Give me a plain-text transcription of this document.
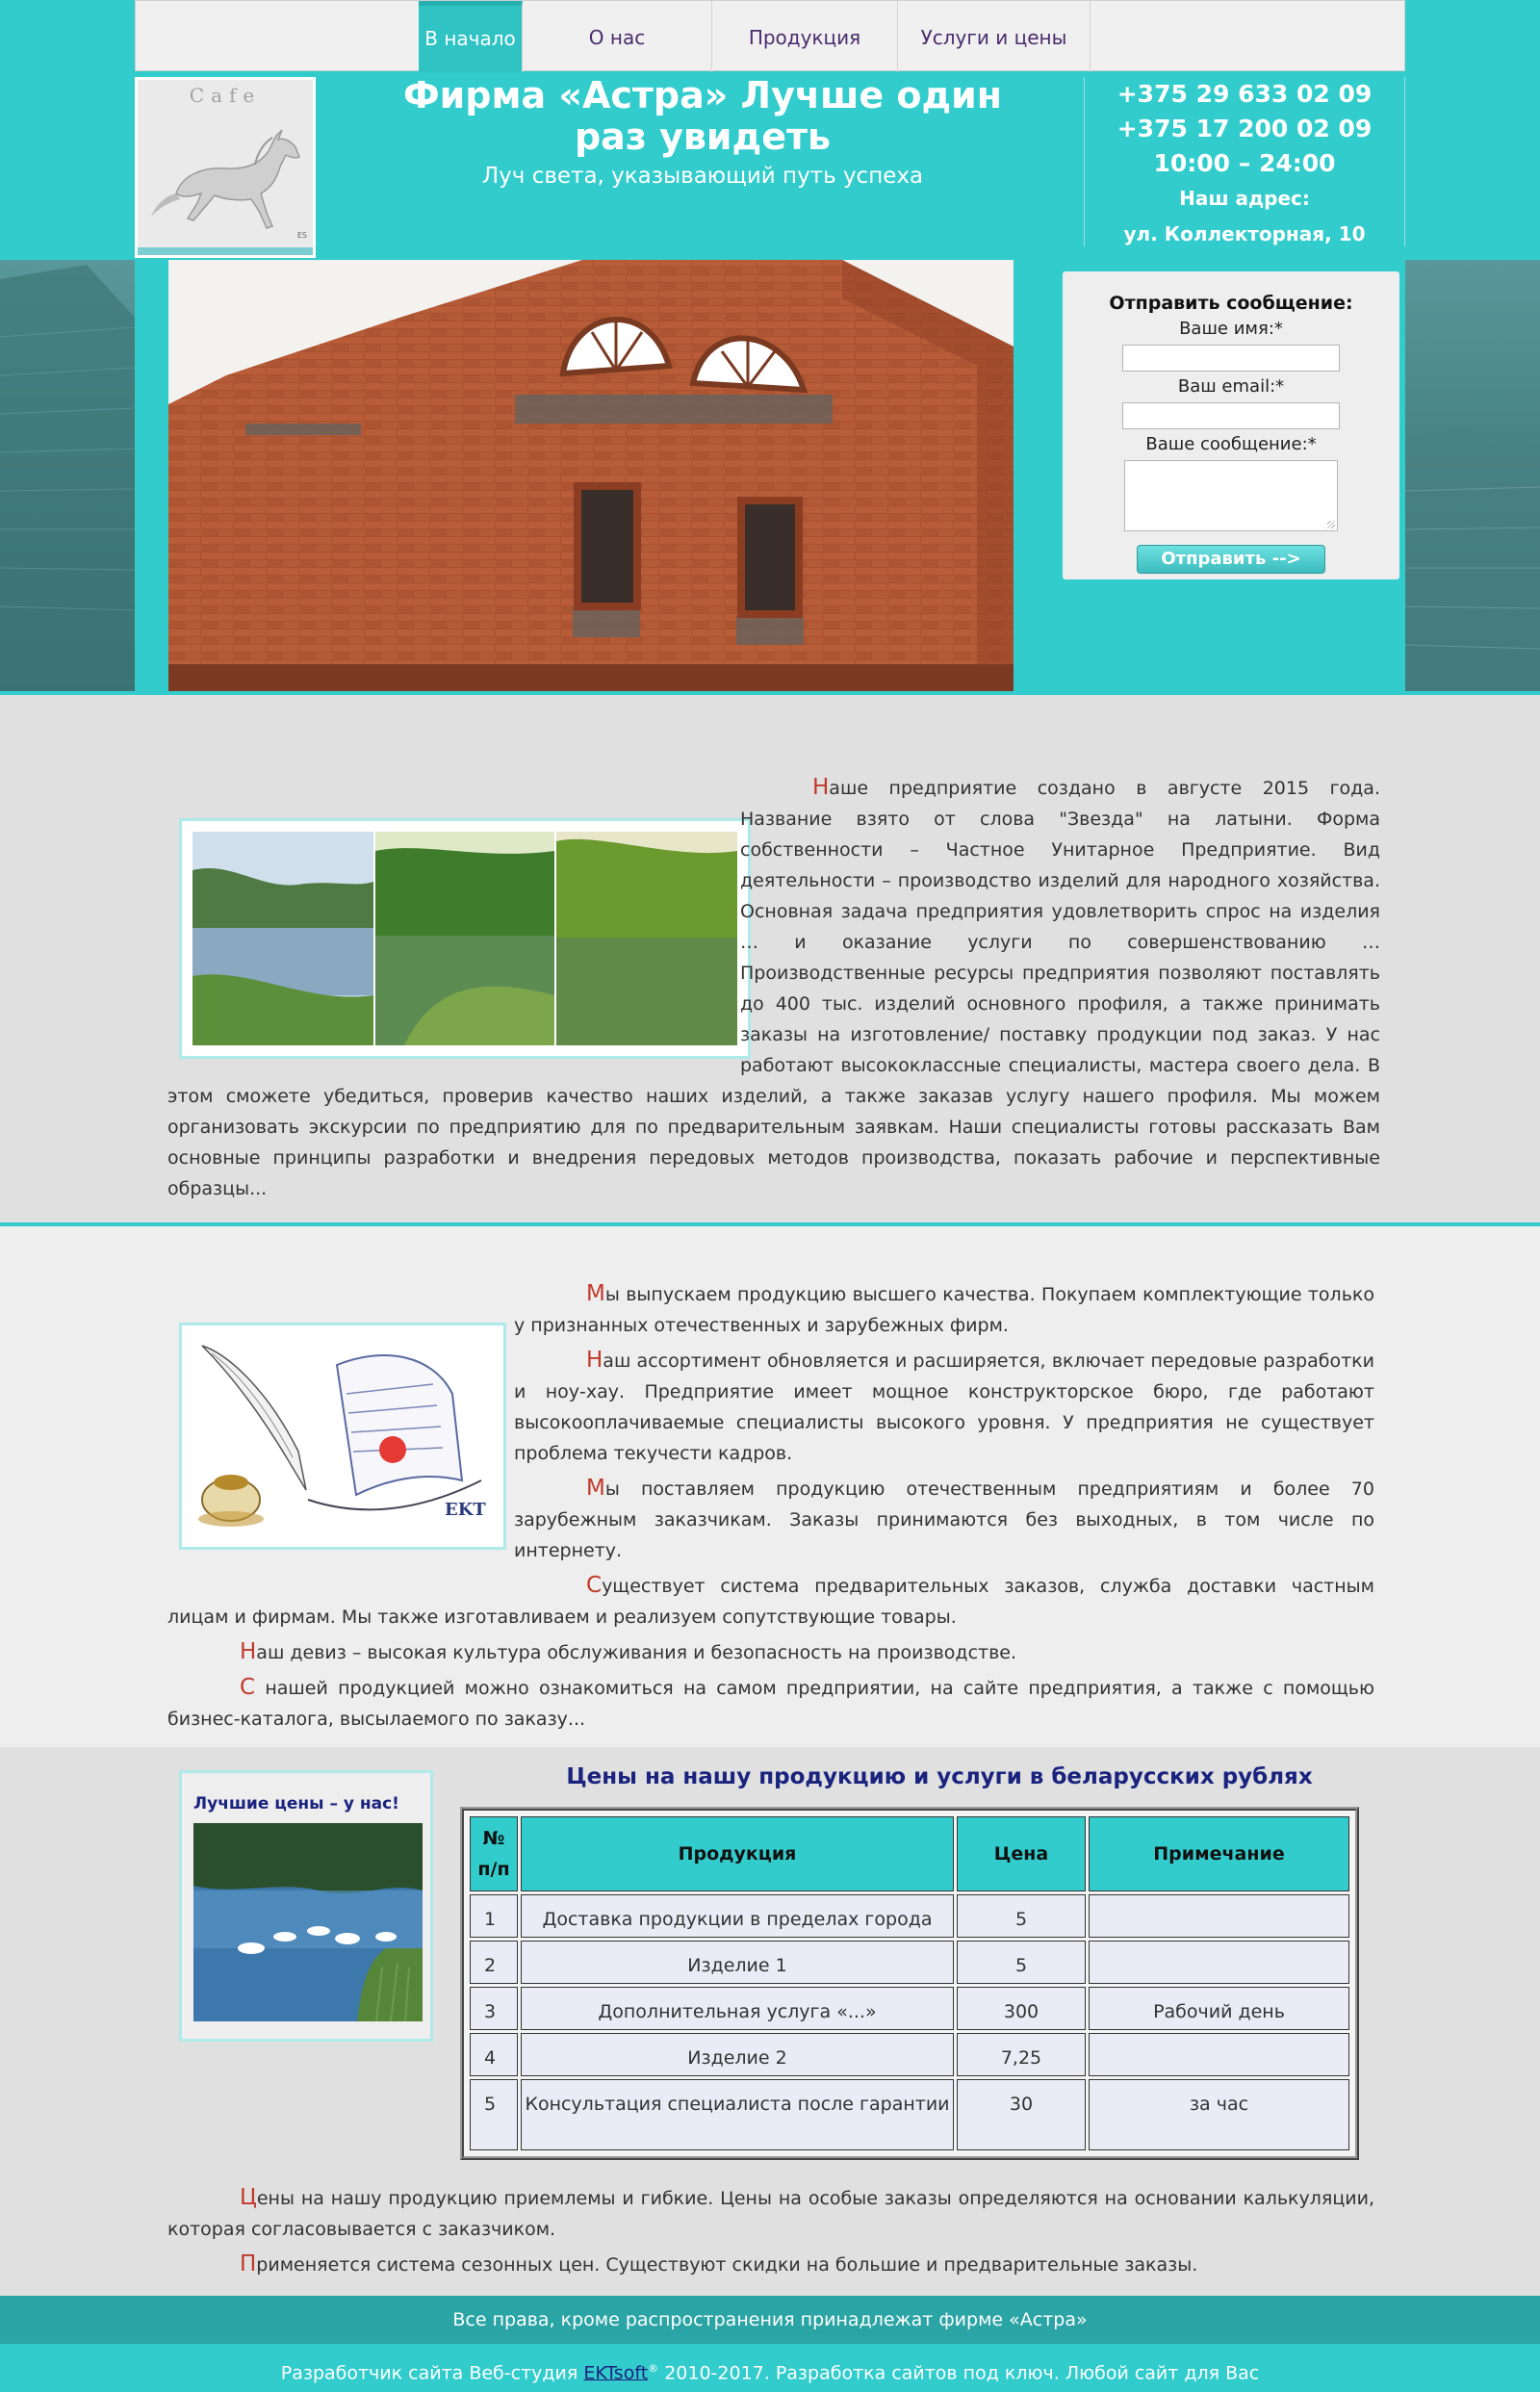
В начало	О нас	Продукция	Услуги и цены
Cafe
ES
Фирма «Астра» Лучше один раз увидеть
Луч света, указывающий путь успеха
+375 29 633 02 09
+375 17 200 02 09
10:00 – 24:00
Наш адрес:
ул. Коллекторная, 10
Отправить сообщение:
Ваше имя:*
Ваш email:*
Ваше сообщение:*
Отправить -->

Наше предприятие создано в августе 2015 года. Название взято от слова "Звезда" на латыни. Форма собственности – Частное Унитарное Предприятие. Вид деятельности – производство изделий для народного хозяйства. Основная задача предприятия удовлетворить спрос на изделия … и оказание услуги по совершенствованию … Производственные ресурсы предприятия позволяют поставлять до 400 тыс. изделий основного профиля, а также принимать заказы на изготовление/ поставку продукции под заказ. У нас работают высококлассные специалисты, мастера своего дела. В этом сможете убедиться, проверив качество наших изделий, а также заказав услугу нашего профиля. Мы можем организовать экскурсии по предприятию для по предварительным заявкам. Наши специалисты готовы рассказать Вам основные принципы разработки и внедрения передовых методов производства, показать рабочие и перспективные образцы...

EKT

Мы выпускаем продукцию высшего качества. Покупаем комплектующие только у признанных отечественных и зарубежных фирм.

Наш ассортимент обновляется и расширяется, включает передовые разработки и ноу-хау. Предприятие имеет мощное конструкторское бюро, где работают высокооплачиваемые специалисты высокого уровня. У предприятия не существует проблема текучести кадров.

Мы поставляем продукцию отечественным предприятиям и более 70 зарубежным заказчикам. Заказы принимаются без выходных, в том числе по интернету.

Существует система предварительных заказов, служба доставки частным лицам и фирмам. Мы также изготавливаем и реализуем сопутствующие товары.

Наш девиз – высокая культура обслуживания и безопасность на производстве.

С нашей продукцией можно ознакомиться на самом предприятии, на сайте предприятия, а также с помощью бизнес-каталога, высылаемого по заказу...

Лучшие цены – у нас!
Цены на нашу продукцию и услуги в беларусских рублях
№ п/п	Продукция	Цена	Примечание
1	Доставка продукции в пределах города	5	
2	Изделие 1	5	
3	Дополнительная услуга «...»	300	Рабочий день
4	Изделие 2	7,25	
5	Консультация специалиста после гарантии	30	за час

Цены на нашу продукцию приемлемы и гибкие. Цены на особые заказы определяются на основании калькуляции, которая согласовывается с заказчиком.

Применяется система сезонных цен. Существуют скидки на большие и предварительные заказы.

Все права, кроме распространения принадлежат фирме «Астра»
Разработчик сайта Веб-студия EKTsoft® 2010-2017. Разработка сайтов под ключ. Любой сайт для Вас
